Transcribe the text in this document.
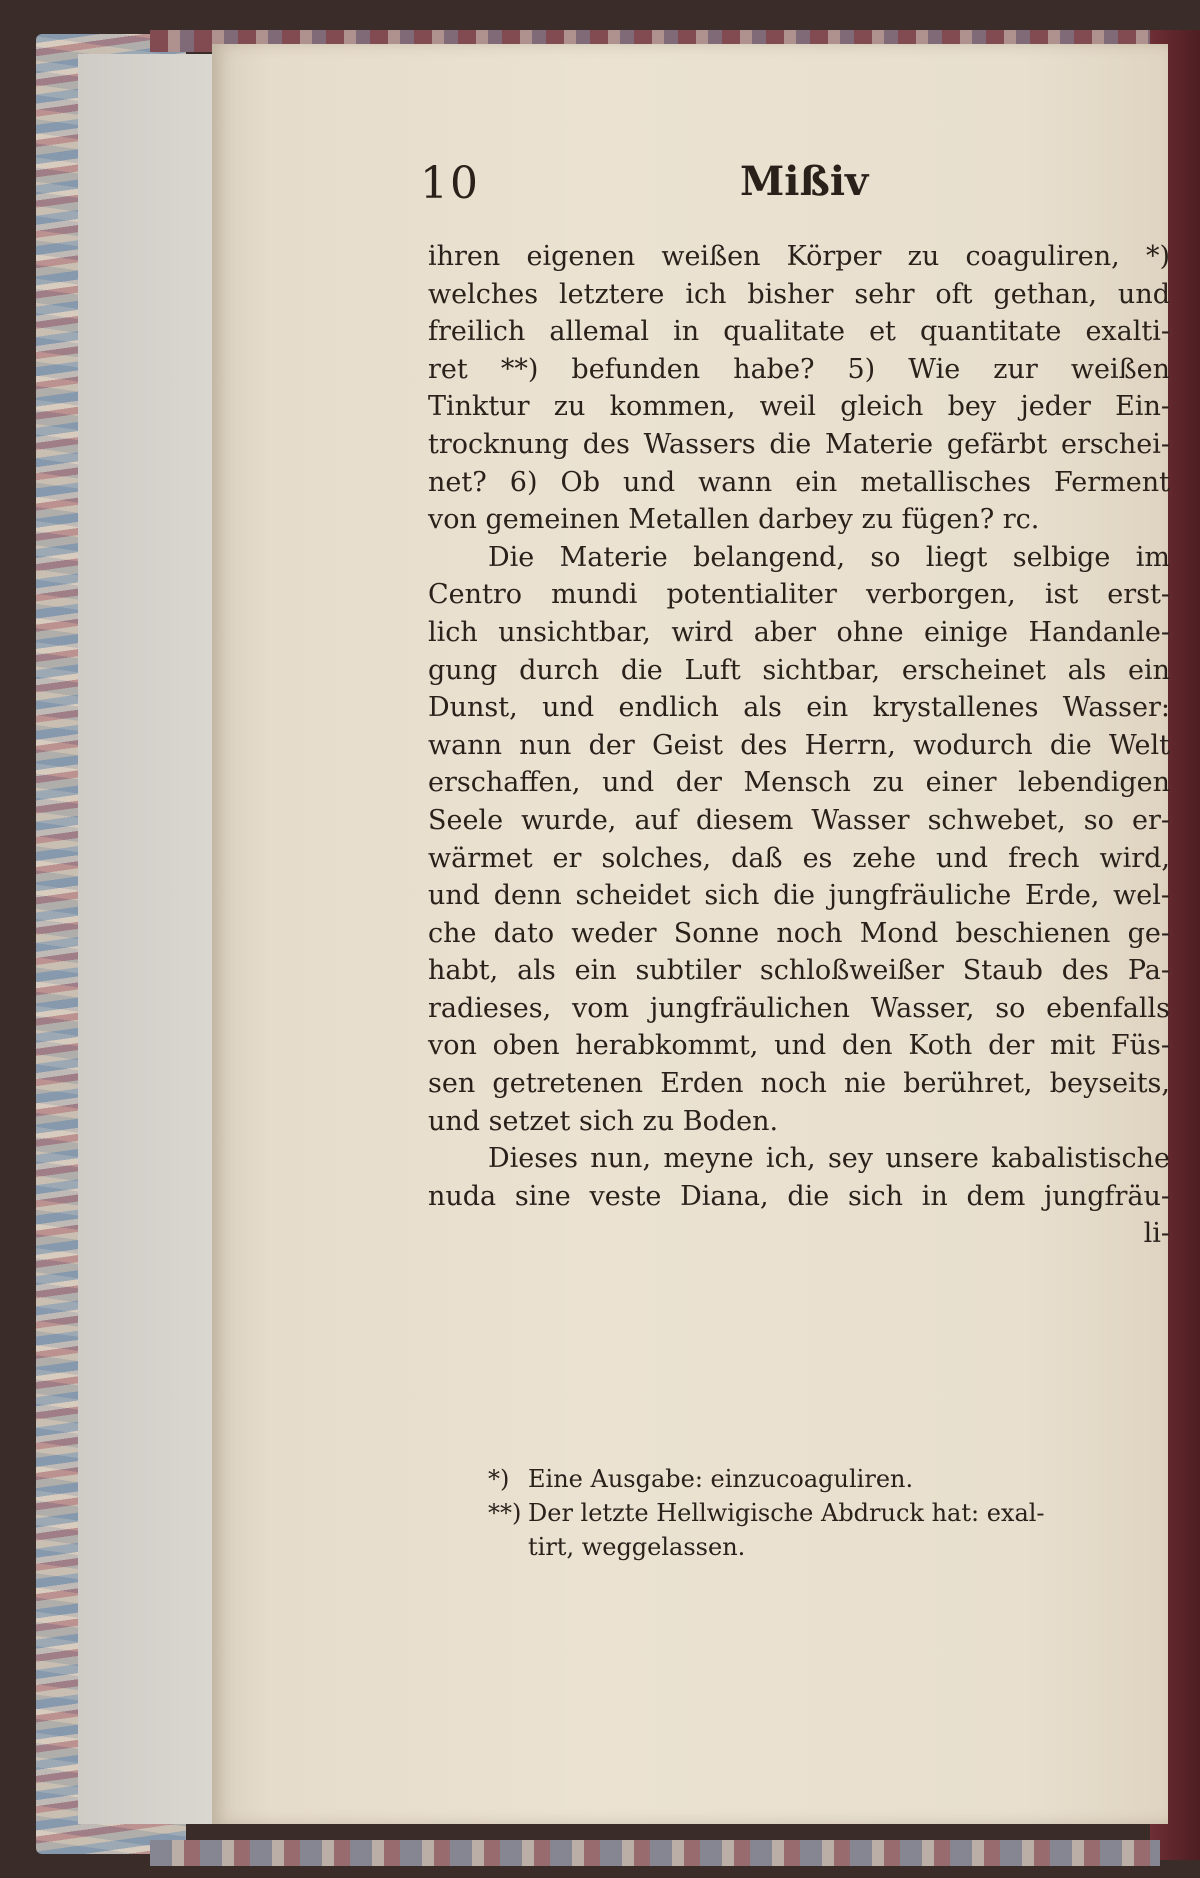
10	Mißiv
ihren eigenen weißen Körper zu coaguliren, *)
welches letztere ich bisher sehr oft gethan, und
freilich allemal in qualitate et quantitate exalti-
ret **) befunden habe? 5) Wie zur weißen
Tinktur zu kommen, weil gleich bey jeder Ein-
trocknung des Wassers die Materie gefärbt erschei-
net? 6) Ob und wann ein metallisches Ferment
von gemeinen Metallen darbey zu fügen? rc.
Die Materie belangend, so liegt selbige im
Centro mundi potentialiter verborgen, ist erst-
lich unsichtbar, wird aber ohne einige Handanle-
gung durch die Luft sichtbar, erscheinet als ein
Dunst, und endlich als ein krystallenes Wasser:
wann nun der Geist des Herrn, wodurch die Welt
erschaffen, und der Mensch zu einer lebendigen
Seele wurde, auf diesem Wasser schwebet, so er-
wärmet er solches, daß es zehe und frech wird,
und denn scheidet sich die jungfräuliche Erde, wel-
che dato weder Sonne noch Mond beschienen ge-
habt, als ein subtiler schloßweißer Staub des Pa-
radieses, vom jungfräulichen Wasser, so ebenfalls
von oben herabkommt, und den Koth der mit Füs-
sen getretenen Erden noch nie berühret, beyseits,
und setzet sich zu Boden.
Dieses nun, meyne ich, sey unsere kabalistische
nuda sine veste Diana, die sich in dem jungfräu-
li-
*) Eine Ausgabe: einzucoaguliren.
**) Der letzte Hellwigische Abdruck hat: exal-
tirt, weggelassen.
